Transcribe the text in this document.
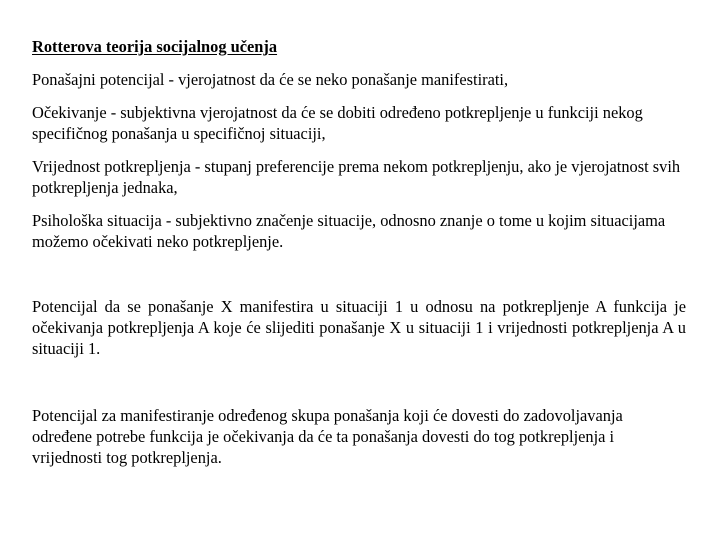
Rotterova teorija socijalnog učenja

Ponašajni potencijal - vjerojatnost da će se neko ponašanje manifestirati,

Očekivanje - subjektivna vjerojatnost da će se dobiti određeno potkrepljenje u funkciji nekog specifičnog ponašanja u specifičnoj situaciji,

Vrijednost potkrepljenja - stupanj preferencije prema nekom potkrepljenju, ako je vjerojatnost svih potkrepljenja jednaka,

Psihološka situacija - subjektivno značenje situacije, odnosno znanje o tome u kojim situacijama možemo očekivati neko potkrepljenje.

Potencijal da se ponašanje X manifestira u situaciji 1 u odnosu na potkrepljenje A funkcija je očekivanja potkrepljenja A koje će slijediti ponašanje X u situaciji 1 i vrijednosti potkrepljenja A u situaciji 1.

Potencijal za manifestiranje određenog skupa ponašanja koji će dovesti do zadovoljavanja određene potrebe funkcija je očekivanja da će ta ponašanja dovesti do tog potkrepljenja i vrijednosti tog potkrepljenja.
